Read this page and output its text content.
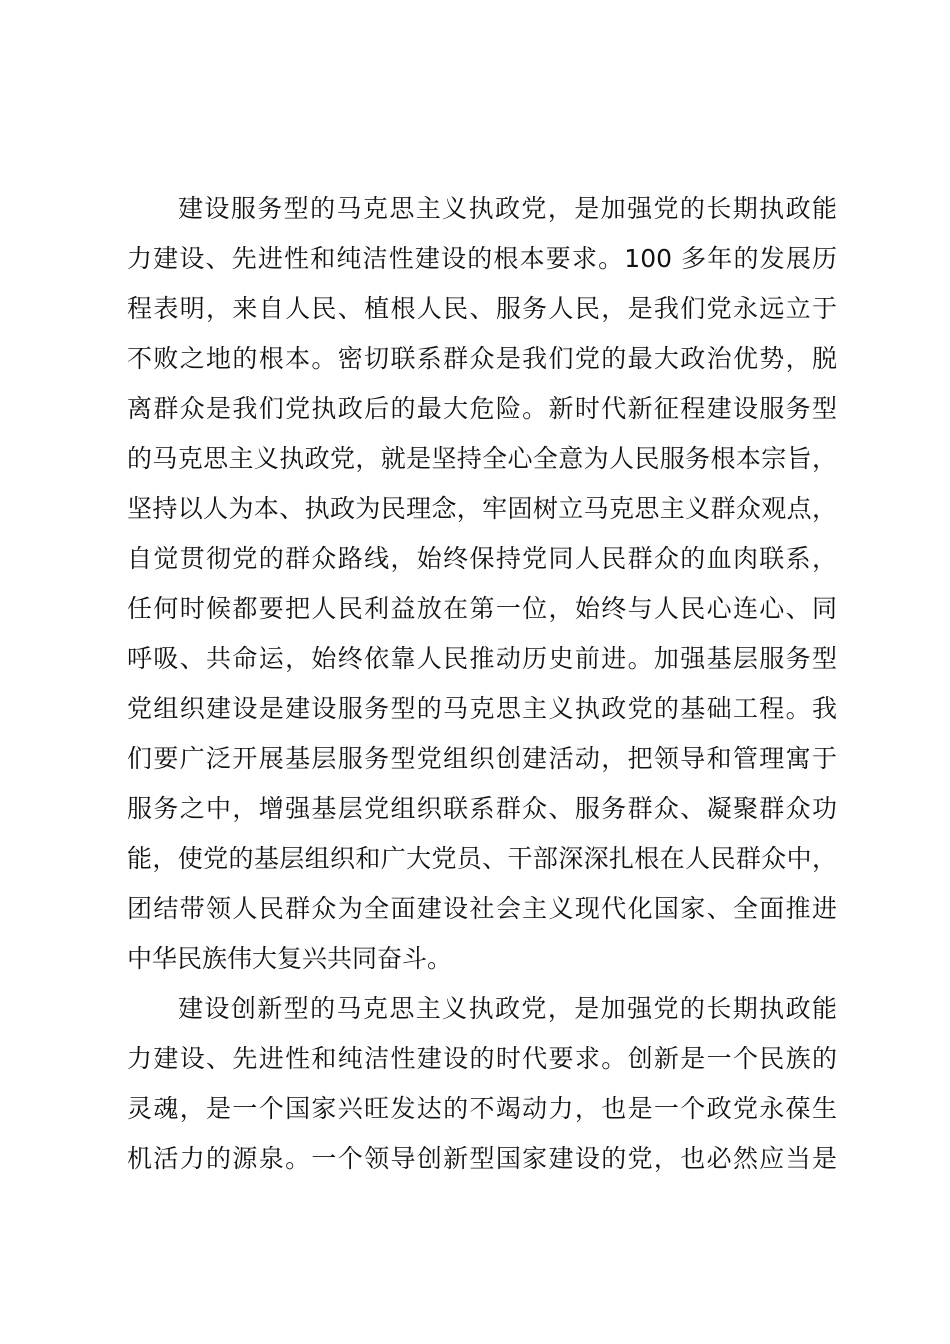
建设服务型的马克思主义执政党，是加强党的长期执政能
力建设、先进性和纯洁性建设的根本要求。100 多年的发展历
程表明，来自人民、植根人民、服务人民，是我们党永远立于
不败之地的根本。密切联系群众是我们党的最大政治优势，脱
离群众是我们党执政后的最大危险。新时代新征程建设服务型
的马克思主义执政党，就是坚持全心全意为人民服务根本宗旨，
坚持以人为本、执政为民理念，牢固树立马克思主义群众观点，
自觉贯彻党的群众路线，始终保持党同人民群众的血肉联系，
任何时候都要把人民利益放在第一位，始终与人民心连心、同
呼吸、共命运，始终依靠人民推动历史前进。加强基层服务型
党组织建设是建设服务型的马克思主义执政党的基础工程。我
们要广泛开展基层服务型党组织创建活动，把领导和管理寓于
服务之中，增强基层党组织联系群众、服务群众、凝聚群众功
能，使党的基层组织和广大党员、干部深深扎根在人民群众中，
团结带领人民群众为全面建设社会主义现代化国家、全面推进
中华民族伟大复兴共同奋斗。
建设创新型的马克思主义执政党，是加强党的长期执政能
力建设、先进性和纯洁性建设的时代要求。创新是一个民族的
灵魂，是一个国家兴旺发达的不竭动力，也是一个政党永葆生
机活力的源泉。一个领导创新型国家建设的党，也必然应当是
